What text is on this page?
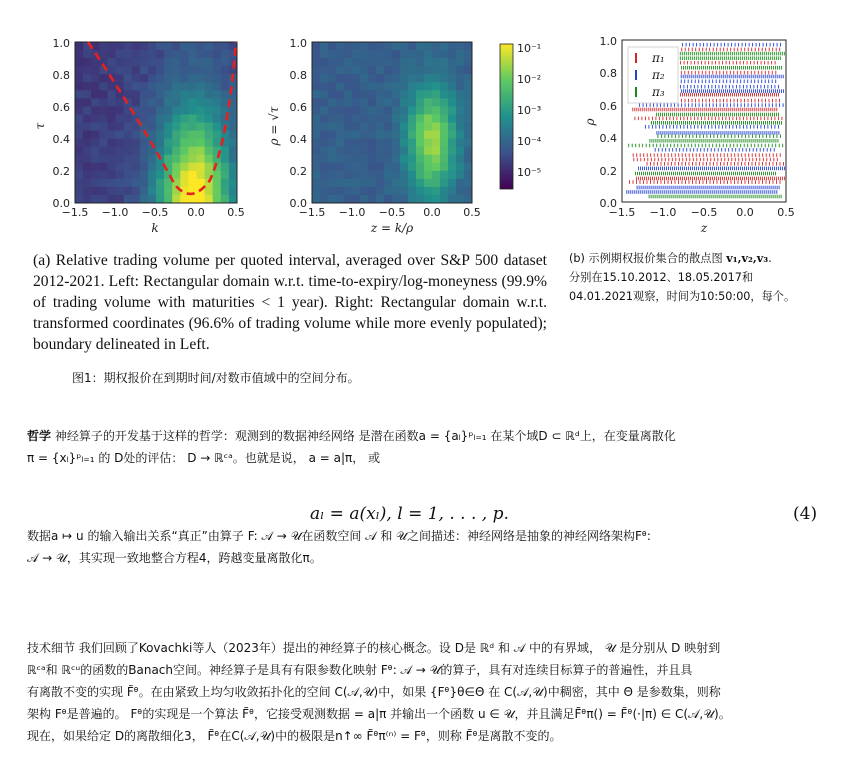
π₁
π₂
π₃
1.0
0.8
0.6
0.4
0.2
0.0
−1.5 −1.0 −0.5 0.0 0.5
k
τ
1.0
0.8
0.6
0.4
0.2
0.0
−1.5 −1.0 −0.5 0.0 0.5
z = k/ρ
ρ = √τ
10⁻¹
10⁻²
10⁻³
10⁻⁴
10⁻⁵
1.0
0.8
0.6
0.4
0.2
0.0
−1.5 −1.0 −0.5 0.0 0.5
z
ρ
(a) Relative trading volume per quoted interval, averaged over S&P 500 dataset 2012-2021. Left: Rectangular domain w.r.t. time-to-expiry/log-moneyness (99.9% of trading volume with maturities < 1 year). Right: Rectangular domain w.r.t. transformed coordinates (96.6% of trading volume while more evenly populated); boundary delineated in Left.
(b) 示例期权报价集合的散点图 v₁,v₂,v₃.
分别在15.10.2012、18.05.2017和
04.01.2021观察，时间为10:50:00，每个。
图1：期权报价在到期时间/对数市值域中的空间分布。
哲学 神经算子的开发基于这样的哲学：观测到的数据神经网络 是潜在函数a = {aₗ}ᵖₗ₌₁ 在某个域D ⊂ ℝᵈ上，在变量离散化
π = {xₗ}ᵖₗ₌₁ 的 D处的评估： D → ℝᶜᵃ。也就是说， a = a|π， 或
aₗ = a(xₗ), l = 1, . . . , p.	(4)
数据a ↦ u 的输入输出关系“真正”由算子 F: 𝒜 → 𝒰在函数空间 𝒜 和 𝒰之间描述：神经网络是抽象的神经网络架构Fᶿ:
𝒜 → 𝒰，其实现一致地整合方程4，跨越变量离散化π。
技术细节 我们回顾了Kovachki等人（2023年）提出的神经算子的核心概念。设 D是 ℝᵈ 和 𝒜 中的有界域， 𝒰 是分别从 D 映射到
ℝᶜᵃ和 ℝᶜᵘ的函数的Banach空间。神经算子是具有有限参数化映射 Fᶿ: 𝒜 → 𝒰的算子，具有对连续目标算子的普遍性，并且具
有离散不变的实现 F̃ᶿ。在由紧致上均匀收敛拓扑化的空间 C(𝒜,𝒰)中，如果 {Fᶿ}θ∈Θ 在 C(𝒜,𝒰)中稠密，其中 Θ 是参数集，则称
架构 Fᶿ是普遍的。 Fᶿ的实现是一个算法 F̃ᶿ，它接受观测数据 = a|π 并输出一个函数 u ∈ 𝒰，并且满足F̃ᶿπ() = F̃ᶿ(·|π) ∈ C(𝒜,𝒰)。
现在，如果给定 D的离散细化3， F̃ᶿ在C(𝒜,𝒰)中的极限是n↑∞ F̃ᶿπ⁽ⁿ⁾ = Fᶿ，则称 F̃ᶿ是离散不变的。
